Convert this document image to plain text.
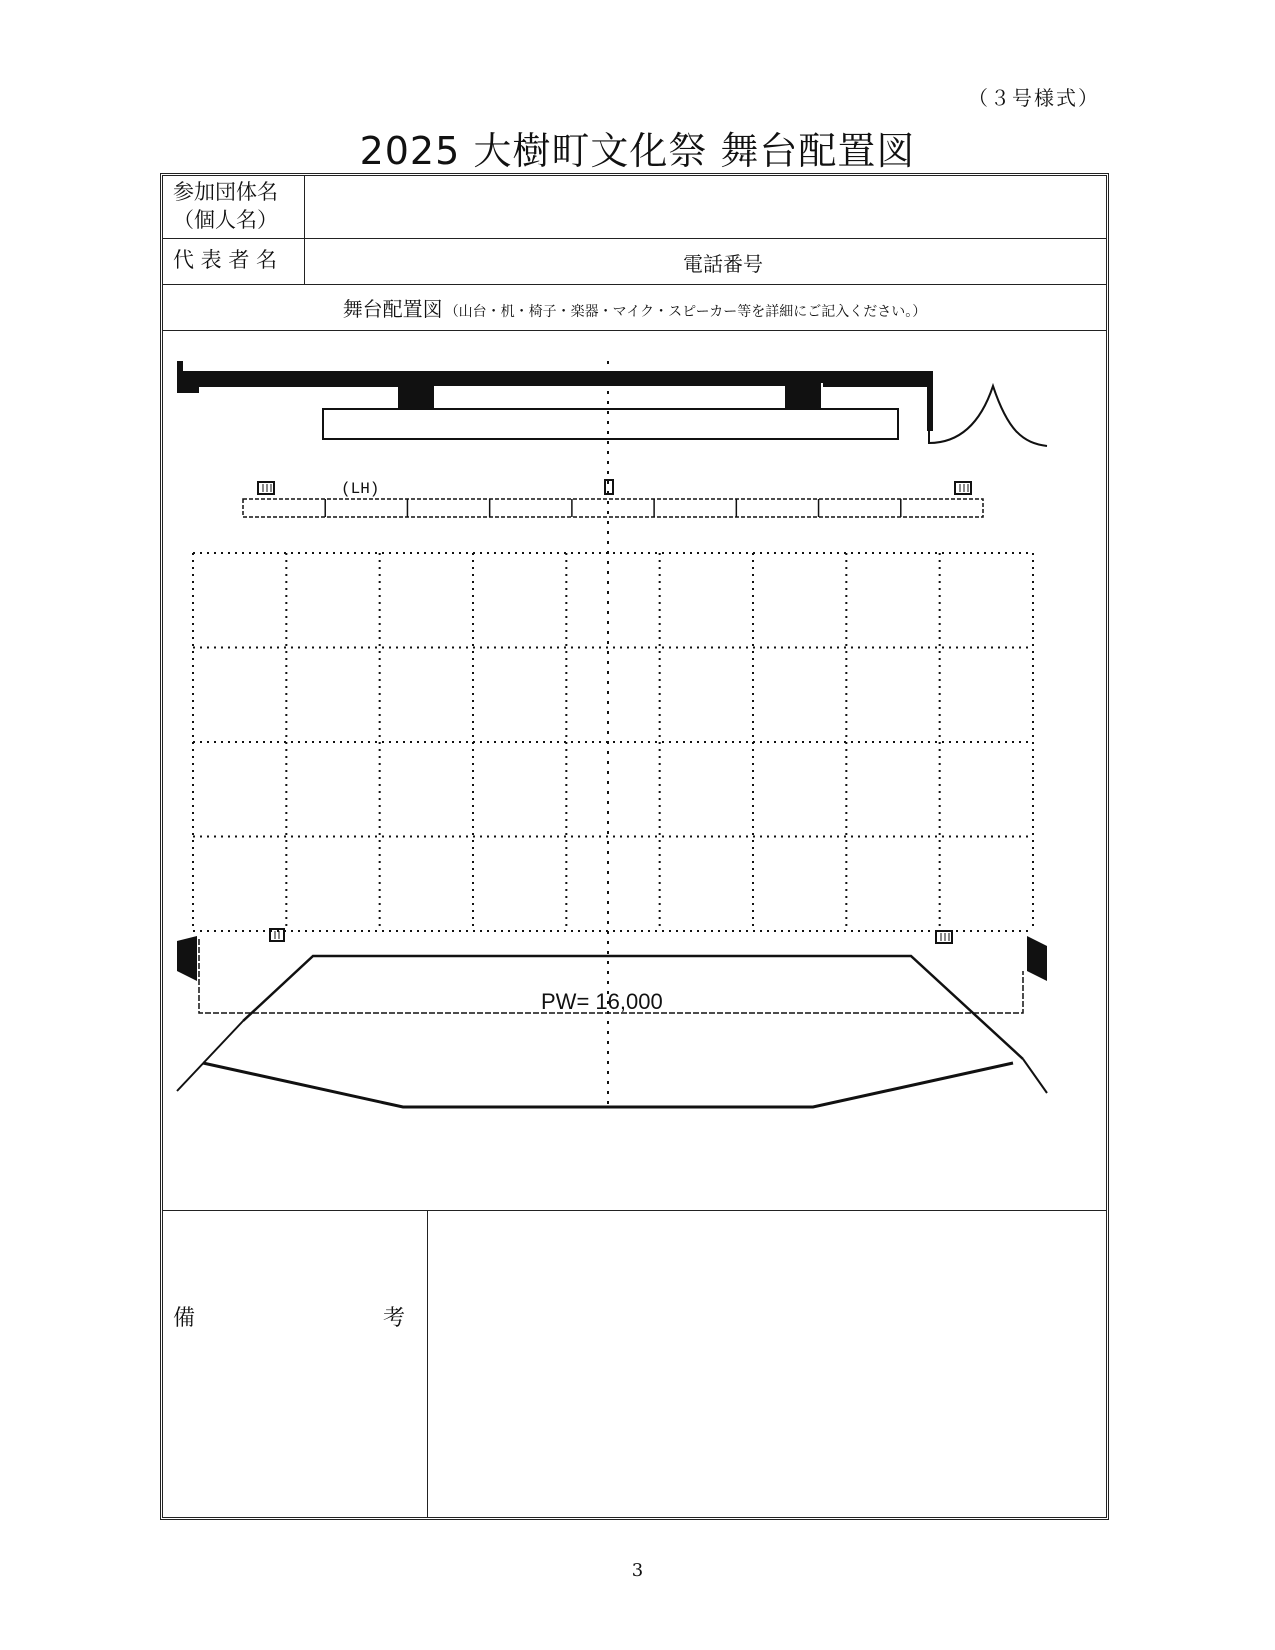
（３号様式）
2025 大樹町文化祭 舞台配置図
参加団体名
（個人名）
代 表 者 名	電話番号
舞台配置図 （山台・机・椅子・楽器・マイク・スピーカー等を詳細にご記入ください。）
(LH)
PW= 16,000
備	考
3
